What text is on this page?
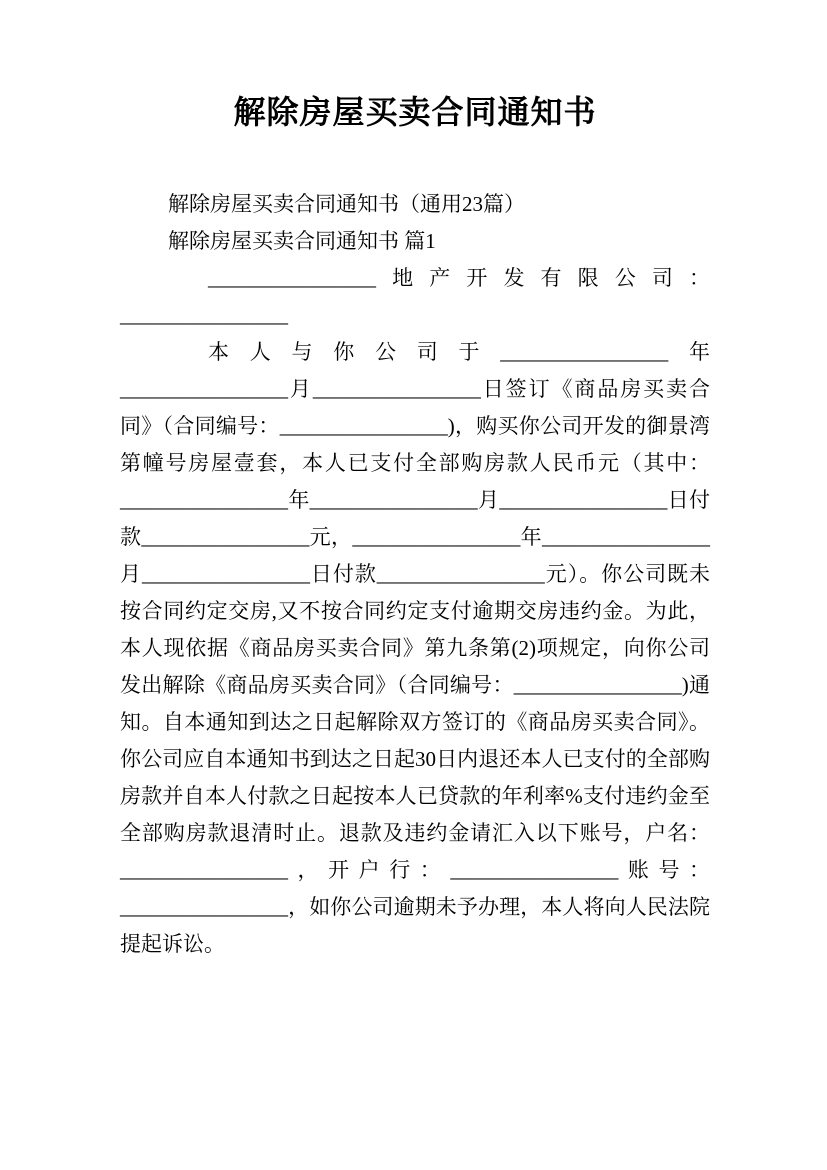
解除房屋买卖合同通知书

解除房屋买卖合同通知书（通用23篇）

解除房屋买卖合同通知书 篇1

________________地产开发有限公司：________________

本人与你公司于________________年________________月________________日签订《商品房买卖合同》（合同编号：________________)，购买你公司开发的御景湾第幢号房屋壹套，本人已支付全部购房款人民币元（其中：________________年________________月________________日付款________________元，________________年________________月________________日付款________________元）。你公司既未按合同约定交房,又不按合同约定支付逾期交房违约金。为此，本人现依据《商品房买卖合同》第九条第(2)项规定，向你公司发出解除《商品房买卖合同》（合同编号：________________)通知。自本通知到达之日起解除双方签订的《商品房买卖合同》。你公司应自本通知书到达之日起30日内退还本人已支付的全部购房款并自本人付款之日起按本人已贷款的年利率%支付违约金至全部购房款退清时止。退款及违约金请汇入以下账号，户名：________________，开户行：________________账号：________________，如你公司逾期未予办理，本人将向人民法院提起诉讼。
